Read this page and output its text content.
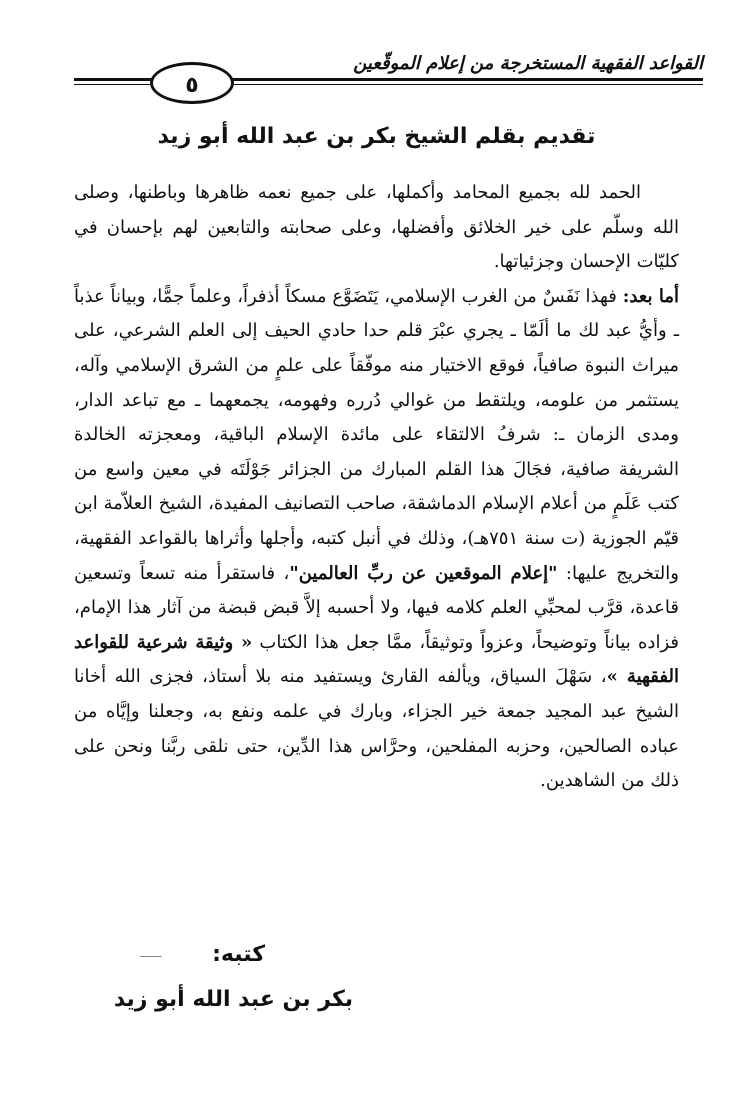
القواعد الفقهية المستخرجة من إعلام الموقّعين
٥
تقديم بقلم الشيخ بكر بن عبد الله أبو زيد

الحمد لله بجميع المحامد وأكملها، على جميع نعمه ظاهرها وباطنها، وصلى الله وسلّم على خير الخلائق وأفضلها، وعلى صحابته والتابعين لهم بإحسان في كليّات الإحسان وجزئياتها.

أما بعد: فهذا نَفَسٌ من الغرب الإسلامي، يَتَضَوَّع مسكاً أذفراً، وعلماً جمًّا، وبياناً عذباً ـ وأيُّ عبد لك ما ألَمّا ـ يجري عبْرَ قلم حدا حادي الحيف إلى العلم الشرعي، على ميراث النبوة صافياً، فوقع الاختيار منه موفّقاً على علمٍ من الشرق الإسلامي وآله، يستثمر من علومه، ويلتقط من غوالي دُرره وفهومه، يجمعهما ـ مع تباعد الدار، ومدى الزمان ـ: شرفُ الالتقاء على مائدة الإسلام الباقية، ومعجزته الخالدة الشريفة صافية، فجَالَ هذا القلم المبارك من الجزائر جَوْلَتَه في معين واسع من كتب عَلَمٍ من أعلام الإسلام الدماشقة، صاحب التصانيف المفيدة، الشيخ العلاّمة ابن قيّم الجوزية (ت سنة ٧٥١هـ)، وذلك في أنبل كتبه، وأجلها وأثراها بالقواعد الفقهية، والتخريج عليها: "إعلام الموقعين عن ربِّ العالمين"، فاستقرأ منه تسعاً وتسعين قاعدة، قرَّب لمحبِّي العلم كلامه فيها، ولا أحسبه إلاَّ قبض قبضة من آثار هذا الإمام، فزاده بياناً وتوضيحاً، وعزواً وتوثيقاً، ممَّا جعل هذا الكتاب « وثيقة شرعية للقواعد الفقهية »، سَهْلَ السياق، ويألفه القارئ ويستفيد منه بلا أستاذ، فجزى الله أخانا الشيخ عبد المجيد جمعة خير الجزاء، وبارك في علمه ونفع به، وجعلنا وإيَّاه من عباده الصالحين، وحزبه المفلحين، وحرَّاس هذا الدِّين، حتى نلقى ربَّنا ونحن على ذلك من الشاهدين.

كتبه:
بكر بن عبد الله أبو زيد
